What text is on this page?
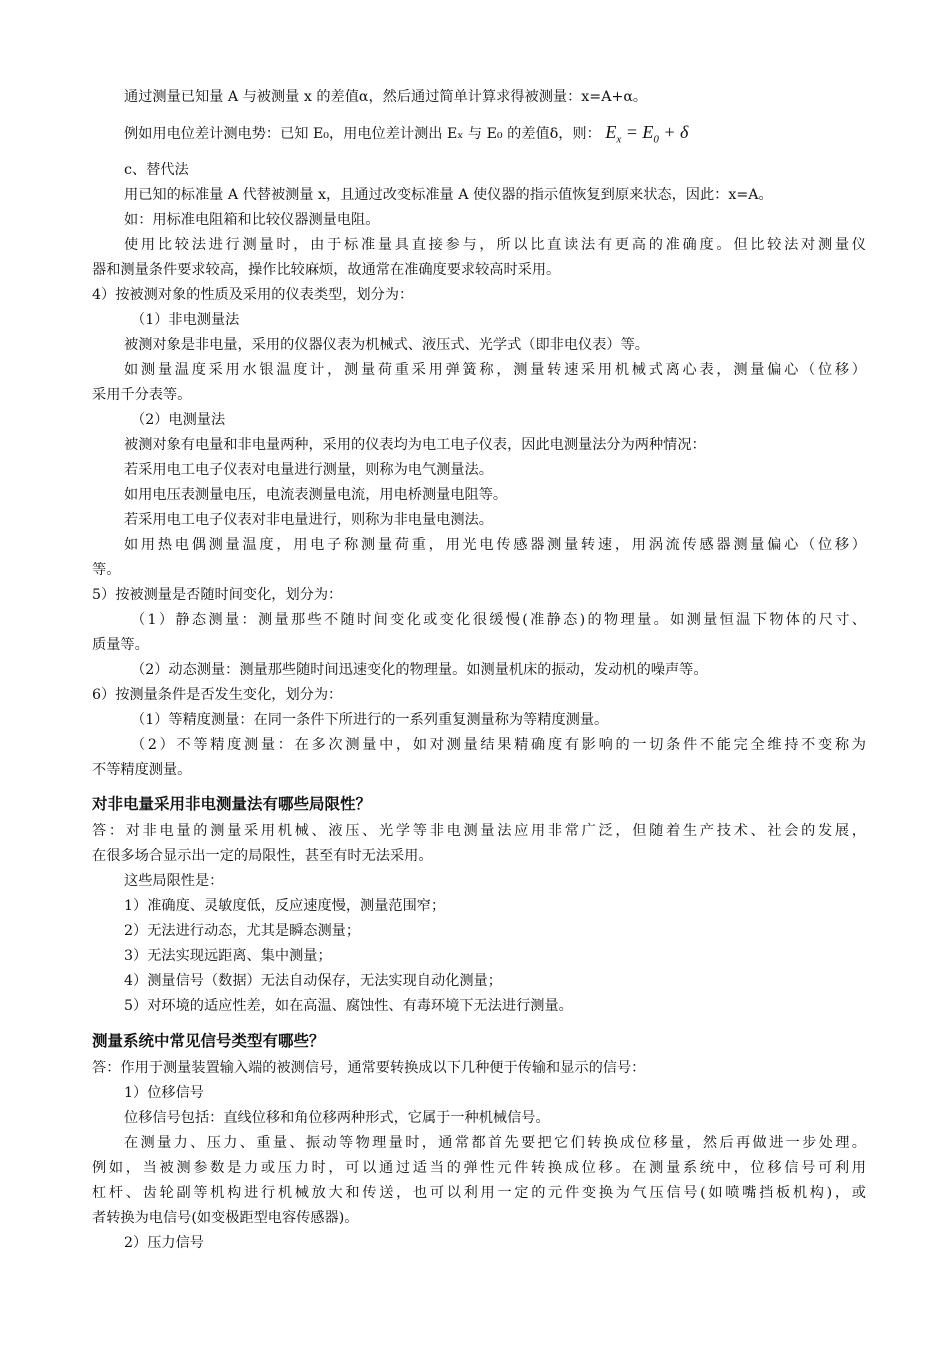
通过测量已知量 A 与被测量 x 的差值α，然后通过简单计算求得被测量：x=A+α。
例如用电位差计测电势：已知 E₀，用电位差计测出 Eₓ 与 E₀ 的差值δ，则： $E_x = E_0 + \delta$
c、替代法
用已知的标准量 A 代替被测量 x，且通过改变标准量 A 使仪器的指示值恢复到原来状态，因此：x=A。
如：用标准电阻箱和比较仪器测量电阻。
使用比较法进行测量时，由于标准量具直接参与，所以比直读法有更高的准确度。但比较法对测量仪
器和测量条件要求较高，操作比较麻烦，故通常在准确度要求较高时采用。
4）按被测对象的性质及采用的仪表类型，划分为：
（1）非电测量法
被测对象是非电量，采用的仪器仪表为机械式、液压式、光学式（即非电仪表）等。
如测量温度采用水银温度计，测量荷重采用弹簧称，测量转速采用机械式离心表，测量偏心（位移）
采用千分表等。
（2）电测量法
被测对象有电量和非电量两种，采用的仪表均为电工电子仪表，因此电测量法分为两种情况：
若采用电工电子仪表对电量进行测量，则称为电气测量法。
如用电压表测量电压，电流表测量电流，用电桥测量电阻等。
若采用电工电子仪表对非电量进行，则称为非电量电测法。
如用热电偶测量温度，用电子称测量荷重，用光电传感器测量转速，用涡流传感器测量偏心（位移）
等。
5）按被测量是否随时间变化，划分为：
（1）静态测量：测量那些不随时间变化或变化很缓慢(准静态)的物理量。如测量恒温下物体的尺寸、
质量等。
（2）动态测量：测量那些随时间迅速变化的物理量。如测量机床的振动，发动机的噪声等。
6）按测量条件是否发生变化，划分为：
（1）等精度测量：在同一条件下所进行的一系列重复测量称为等精度测量。
（2）不等精度测量：在多次测量中，如对测量结果精确度有影响的一切条件不能完全维持不变称为
不等精度测量。
对非电量采用非电测量法有哪些局限性？
答：对非电量的测量采用机械、液压、光学等非电测量法应用非常广泛，但随着生产技术、社会的发展，
在很多场合显示出一定的局限性，甚至有时无法采用。
这些局限性是：
1）准确度、灵敏度低，反应速度慢，测量范围窄；
2）无法进行动态，尤其是瞬态测量；
3）无法实现远距离、集中测量；
4）测量信号（数据）无法自动保存，无法实现自动化测量；
5）对环境的适应性差，如在高温、腐蚀性、有毒环境下无法进行测量。
测量系统中常见信号类型有哪些？
答：作用于测量装置输入端的被测信号，通常要转换成以下几种便于传输和显示的信号：
1）位移信号
位移信号包括：直线位移和角位移两种形式，它属于一种机械信号。
在测量力、压力、重量、振动等物理量时，通常都首先要把它们转换成位移量，然后再做进一步处理。
例如，当被测参数是力或压力时，可以通过适当的弹性元件转换成位移。在测量系统中，位移信号可利用
杠杆、齿轮副等机构进行机械放大和传送，也可以利用一定的元件变换为气压信号(如喷嘴挡板机构)，或
者转换为电信号(如变极距型电容传感器)。
2）压力信号
